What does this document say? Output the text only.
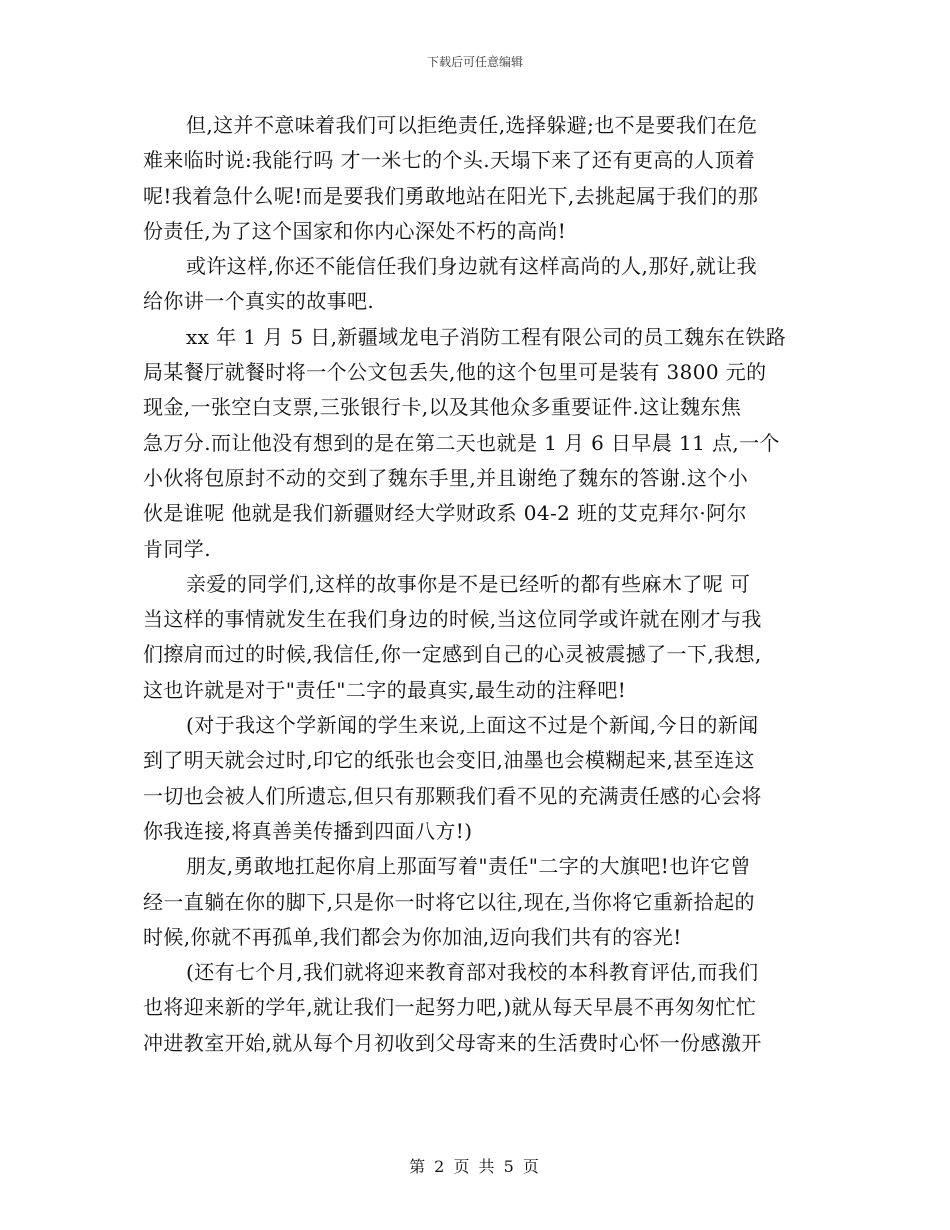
下载后可任意编辑

但,这并不意味着我们可以拒绝责任,选择躲避;也不是要我们在危
难来临时说:我能行吗 才一米七的个头.天塌下来了还有更高的人顶着
呢!我着急什么呢!而是要我们勇敢地站在阳光下,去挑起属于我们的那
份责任,为了这个国家和你内心深处不朽的高尚!

或许这样,你还不能信任我们身边就有这样高尚的人,那好,就让我
给你讲一个真实的故事吧.

xx 年 1 月 5 日,新疆域龙电子消防工程有限公司的员工魏东在铁路
局某餐厅就餐时将一个公文包丢失,他的这个包里可是装有 3800 元的
现金,一张空白支票,三张银行卡,以及其他众多重要证件.这让魏东焦
急万分.而让他没有想到的是在第二天也就是 1 月 6 日早晨 11 点,一个
小伙将包原封不动的交到了魏东手里,并且谢绝了魏东的答谢.这个小
伙是谁呢 他就是我们新疆财经大学财政系 04-2 班的艾克拜尔·阿尔
肯同学.

亲爱的同学们,这样的故事你是不是已经听的都有些麻木了呢 可
当这样的事情就发生在我们身边的时候,当这位同学或许就在刚才与我
们擦肩而过的时候,我信任,你一定感到自己的心灵被震撼了一下,我想,
这也许就是对于"责任"二字的最真实,最生动的注释吧!

(对于我这个学新闻的学生来说,上面这不过是个新闻,今日的新闻
到了明天就会过时,印它的纸张也会变旧,油墨也会模糊起来,甚至连这
一切也会被人们所遗忘,但只有那颗我们看不见的充满责任感的心会将
你我连接,将真善美传播到四面八方!)

朋友,勇敢地扛起你肩上那面写着"责任"二字的大旗吧!也许它曾
经一直躺在你的脚下,只是你一时将它以往,现在,当你将它重新拾起的
时候,你就不再孤单,我们都会为你加油,迈向我们共有的容光!

(还有七个月,我们就将迎来教育部对我校的本科教育评估,而我们
也将迎来新的学年,就让我们一起努力吧,)就从每天早晨不再匆匆忙忙
冲进教室开始,就从每个月初收到父母寄来的生活费时心怀一份感激开

第 2 页 共 5 页
